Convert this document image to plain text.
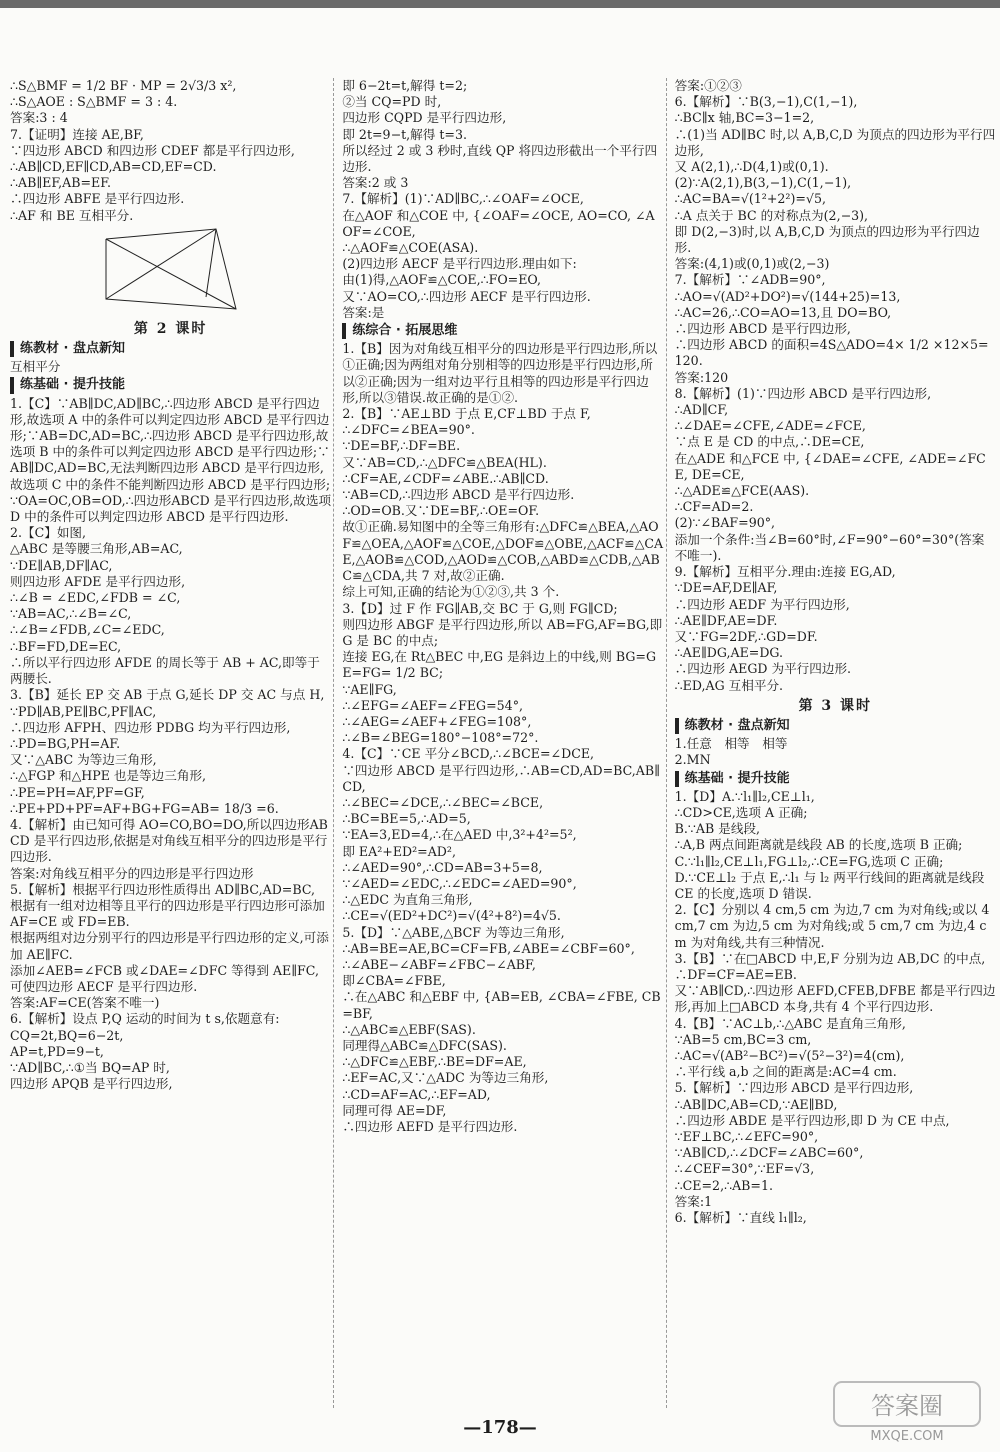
∴S△BMF = 1/2 BF · MP = 2√3/3 x²,

∴S△AOE : S△BMF = 3 : 4.

答案:3 : 4

7.【证明】连接 AE,BF,

∵四边形 ABCD 和四边形 CDEF 都是平行四边形,

∴AB∥CD,EF∥CD,AB=CD,EF=CD.

∴AB∥EF,AB=EF.

∴四边形 ABFE 是平行四边形.

∴AF 和 BE 互相平分.

第 2 课时
练教材 · 盘点新知
互相平分
练基础 · 提升技能

1.【C】∵AB∥DC,AD∥BC,∴四边形 ABCD 是平行四边形,故选项 A 中的条件可以判定四边形 ABCD 是平行四边形;∵AB=DC,AD=BC,∴四边形 ABCD 是平行四边形,故选项 B 中的条件可以判定四边形 ABCD 是平行四边形;∵AB∥DC,AD=BC,无法判断四边形 ABCD 是平行四边形,故选项 C 中的条件不能判断四边形 ABCD 是平行四边形;

∵OA=OC,OB=OD,∴四边形ABCD 是平行四边形,故选项 D 中的条件可以判定四边形 ABCD 是平行四边形.

2.【C】如图,

△ABC 是等腰三角形,AB=AC,

∵DE∥AB,DF∥AC,

则四边形 AFDE 是平行四边形,

∴∠B = ∠EDC,∠FDB = ∠C,

∵AB=AC,∴∠B=∠C,

∴∠B=∠FDB,∠C=∠EDC,

∴BF=FD,DE=EC,

∴所以平行四边形 AFDE 的周长等于 AB + AC,即等于两腰长.

3.【B】延长 EP 交 AB 于点 G,延长 DP 交 AC 与点 H,

∵PD∥AB,PE∥BC,PF∥AC,

∴四边形 AFPH、四边形 PDBG 均为平行四边形,

∴PD=BG,PH=AF.

又∵△ABC 为等边三角形,

∴△FGP 和△HPE 也是等边三角形,

∴PE=PH=AF,PF=GF,

∴PE+PD+PF=AF+BG+FG=AB= 18/3 =6.

4.【解析】由已知可得 AO=CO,BO=DO,所以四边形ABCD 是平行四边形,依据是对角线互相平分的四边形是平行四边形.

答案:对角线互相平分的四边形是平行四边形

5.【解析】根据平行四边形性质得出 AD∥BC,AD=BC,

根据有一组对边相等且平行的四边形是平行四边形可添加 AF=CE 或 FD=EB.

根据两组对边分别平行的四边形是平行四边形的定义,可添加 AE∥FC.

添加∠AEB=∠FCB 或∠DAE=∠DFC 等得到 AE∥FC,可使四边形 AECF 是平行四边形.

答案:AF=CE(答案不唯一)

6.【解析】设点 P,Q 运动的时间为 t s,依题意有:

CQ=2t,BQ=6−2t,

AP=t,PD=9−t,

∵AD∥BC,∴①当 BQ=AP 时,

四边形 APQB 是平行四边形,

即 6−2t=t,解得 t=2;

②当 CQ=PD 时,

四边形 CQPD 是平行四边形,

即 2t=9−t,解得 t=3.

所以经过 2 或 3 秒时,直线 QP 将四边形截出一个平行四边形.

答案:2 或 3

7.【解析】(1)∵AD∥BC,∴∠OAF=∠OCE,

在△AOF 和△COE 中, {∠OAF=∠OCE, AO=CO, ∠AOF=∠COE,

∴△AOF≌△COE(ASA).

(2)四边形 AECF 是平行四边形.理由如下:

由(1)得,△AOF≌△COE,∴FO=EO,

又∵AO=CO,∴四边形 AECF 是平行四边形.

答案:是

练综合 · 拓展思维

1.【B】因为对角线互相平分的四边形是平行四边形,所以①正确;因为两组对角分别相等的四边形是平行四边形,所以②正确;因为一组对边平行且相等的四边形是平行四边形,所以③错误.故正确的是①②.

2.【B】∵AE⊥BD 于点 E,CF⊥BD 于点 F,

∴∠DFC=∠BEA=90°.

∵DE=BF,∴DF=BE.

又∵AB=CD,∴△DFC≌△BEA(HL).

∴CF=AE,∠CDF=∠ABE.∴AB∥CD.

∵AB=CD,∴四边形 ABCD 是平行四边形.

∴OD=OB.又∵DE=BF,∴OE=OF.

故①正确.易知图中的全等三角形有:△DFC≌△BEA,△AOF≌△OEA,△AOF≌△COE,△DOF≌△OBE,△ACF≌△CAE,△AOB≌△COD,△AOD≌△COB,△ABD≌△CDB,△ABC≌△CDA,共 7 对,故②正确.

综上可知,正确的结论为①②③,共 3 个.

3.【D】过 F 作 FG∥AB,交 BC 于 G,则 FG∥CD;

则四边形 ABGF 是平行四边形,所以 AB=FG,AF=BG,即 G 是 BC 的中点;

连接 EG,在 Rt△BEC 中,EG 是斜边上的中线,则 BG=GE=FG= 1/2 BC;

∵AE∥FG,

∴∠EFG=∠AEF=∠FEG=54°,

∴∠AEG=∠AEF+∠FEG=108°,

∴∠B=∠BEG=180°−108°=72°.

4.【C】∵CE 平分∠BCD,∴∠BCE=∠DCE,

∵四边形 ABCD 是平行四边形,∴AB=CD,AD=BC,AB∥CD,

∴∠BEC=∠DCE,∴∠BEC=∠BCE,

∴BC=BE=5,∴AD=5,

∵EA=3,ED=4,∴在△AED 中,3²+4²=5²,

即 EA²+ED²=AD²,

∴∠AED=90°,∴CD=AB=3+5=8,

∵∠AED=∠EDC,∴∠EDC=∠AED=90°,

∴△EDC 为直角三角形,

∴CE=√(ED²+DC²)=√(4²+8²)=4√5.

5.【D】∵△ABE,△BCF 为等边三角形,

∴AB=BE=AE,BC=CF=FB,∠ABE=∠CBF=60°,

∴∠ABE−∠ABF=∠FBC−∠ABF,

即∠CBA=∠FBE,

∴在△ABC 和△EBF 中, {AB=EB, ∠CBA=∠FBE, CB=BF,

∴△ABC≌△EBF(SAS).

同理得△ABC≌△DFC(SAS).

∴△DFC≌△EBF,∴BE=DF=AE,

∴EF=AC,又∵△ADC 为等边三角形,

∴CD=AF=AC,∴EF=AD,

同理可得 AE=DF,

∴四边形 AEFD 是平行四边形.

答案:①②③

6.【解析】∵B(3,−1),C(1,−1),

∴BC∥x 轴,BC=3−1=2,

∴(1)当 AD∥BC 时,以 A,B,C,D 为顶点的四边形为平行四边形,

又 A(2,1),∴D(4,1)或(0,1).

(2)∵A(2,1),B(3,−1),C(1,−1),

∴AC=BA=√(1²+2²)=√5,

∴A 点关于 BC 的对称点为(2,−3),

即 D(2,−3)时,以 A,B,C,D 为顶点的四边形为平行四边形.

答案:(4,1)或(0,1)或(2,−3)

7.【解析】∵∠ADB=90°,

∴AO=√(AD²+DO²)=√(144+25)=13,

∴AC=26,∴CO=AO=13,且 DO=BO,

∴四边形 ABCD 是平行四边形,

∴四边形 ABCD 的面积=4S△ADO=4× 1/2 ×12×5=120.

答案:120

8.【解析】(1)∵四边形 ABCD 是平行四边形,

∴AD∥CF,

∴∠DAE=∠CFE,∠ADE=∠FCE,

∵点 E 是 CD 的中点,∴DE=CE,

在△ADE 和△FCE 中, {∠DAE=∠CFE, ∠ADE=∠FCE, DE=CE,

∴△ADE≌△FCE(AAS).

∴CF=AD=2.

(2)∵∠BAF=90°,

添加一个条件:当∠B=60°时,∠F=90°−60°=30°(答案不唯一).

9.【解析】互相平分.理由:连接 EG,AD,

∵DE=AF,DE∥AF,

∴四边形 AEDF 为平行四边形,

∴AE∥DF,AE=DF.

又∵FG=2DF,∴GD=DF.

∴AE∥DG,AE=DG.

∴四边形 AEGD 为平行四边形.

∴ED,AG 互相平分.

第 3 课时
练教材 · 盘点新知

1.任意　相等　相等

2.MN

练基础 · 提升技能

1.【D】A.∵l₁∥l₂,CE⊥l₁,

∴CD>CE,选项 A 正确;

B.∵AB 是线段,

∴A,B 两点间距离就是线段 AB 的长度,选项 B 正确;

C.∵l₁∥l₂,CE⊥l₁,FG⊥l₂,∴CE=FG,选项 C 正确;

D.∵CE⊥l₂ 于点 E,∴l₁ 与 l₂ 两平行线间的距离就是线段 CE 的长度,选项 D 错误.

2.【C】分别以 4 cm,5 cm 为边,7 cm 为对角线;或以 4 cm,7 cm 为边,5 cm 为对角线;或 5 cm,7 cm 为边,4 cm 为对角线,共有三种情况.

3.【B】∵在□ABCD 中,E,F 分别为边 AB,DC 的中点,∴DF=CF=AE=EB.

又∵AB∥CD,∴四边形 AEFD,CFEB,DFBE 都是平行四边形,再加上□ABCD 本身,共有 4 个平行四边形.

4.【B】∵AC⊥b,∴△ABC 是直角三角形,

∵AB=5 cm,BC=3 cm,

∴AC=√(AB²−BC²)=√(5²−3²)=4(cm),

∴平行线 a,b 之间的距离是:AC=4 cm.

5.【解析】∵四边形 ABCD 是平行四边形,

∴AB∥DC,AB=CD,∵AE∥BD,

∴四边形 ABDE 是平行四边形,即 D 为 CE 中点,

∵EF⊥BC,∴∠EFC=90°,

∵AB∥CD,∴∠DCF=∠ABC=60°,

∴∠CEF=30°,∵EF=√3,

∴CE=2,∴AB=1.

答案:1

6.【解析】∵直线 l₁∥l₂,

—178—
答案圈
MXQE.COM
